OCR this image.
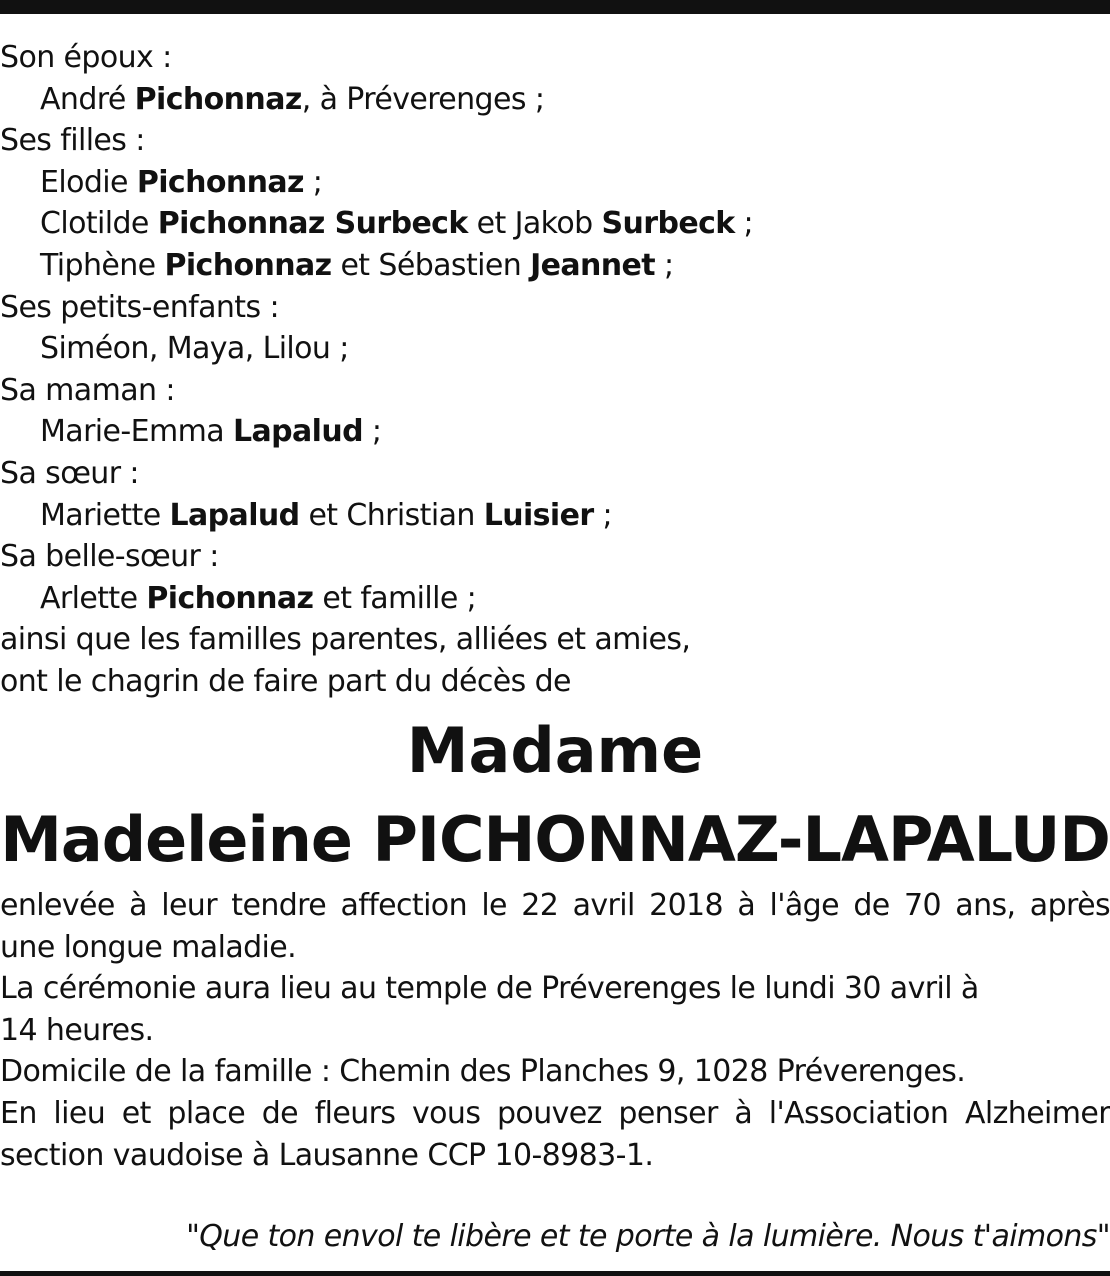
Son époux :
André Pichonnaz, à Préverenges ;
Ses filles :
Elodie Pichonnaz ;
Clotilde Pichonnaz Surbeck et Jakob Surbeck ;
Tiphène Pichonnaz et Sébastien Jeannet ;
Ses petits-enfants :
Siméon, Maya, Lilou ;
Sa maman :
Marie-Emma Lapalud ;
Sa sœur :
Mariette Lapalud et Christian Luisier ;
Sa belle-sœur :
Arlette Pichonnaz et famille ;
ainsi que les familles parentes, alliées et amies,
ont le chagrin de faire part du décès de
Madame
Madeleine PICHONNAZ-LAPALUD
enlevée à leur tendre affection le 22 avril 2018 à l'âge de 70 ans, après
une longue maladie.
La cérémonie aura lieu au temple de Préverenges le lundi 30 avril à
14 heures.
Domicile de la famille : Chemin des Planches 9, 1028 Préverenges.
En lieu et place de fleurs vous pouvez penser à l'Association Alzheimer
section vaudoise à Lausanne CCP 10-8983-1.
"Que ton envol te libère et te porte à la lumière. Nous t'aimons"
